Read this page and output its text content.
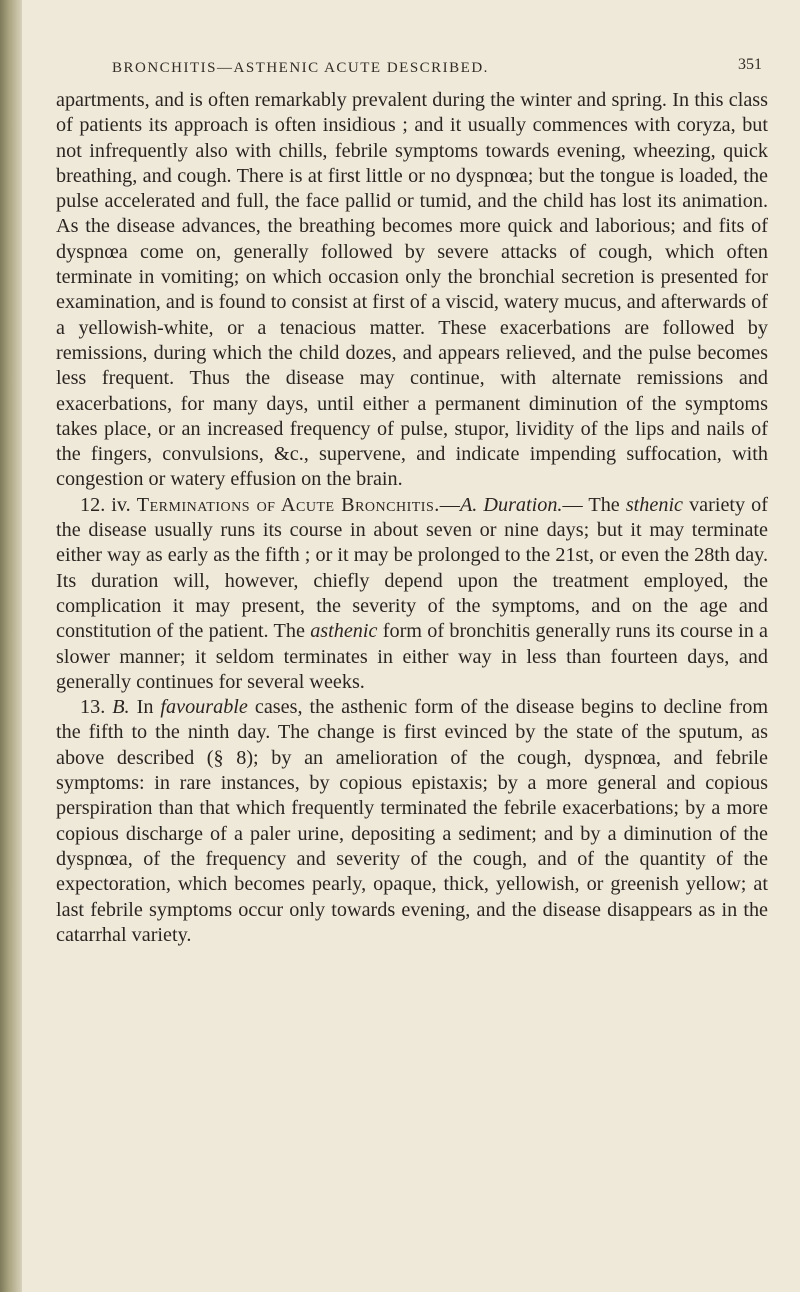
BRONCHITIS—ASTHENIC ACUTE DESCRIBED.	351

apartments, and is often remarkably prevalent during the winter and spring. In this class of patients its approach is often insidious ; and it usually commences with coryza, but not infrequently also with chills, febrile symptoms towards evening, wheezing, quick breathing, and cough. There is at first little or no dyspnœa; but the tongue is loaded, the pulse accelerated and full, the face pallid or tumid, and the child has lost its animation. As the disease advances, the breathing becomes more quick and laborious; and fits of dyspnœa come on, generally followed by severe attacks of cough, which often terminate in vomiting; on which occasion only the bronchial secretion is presented for examination, and is found to consist at first of a viscid, watery mucus, and afterwards of a yellowish-white, or a tenacious matter. These exacerbations are followed by remissions, during which the child dozes, and appears relieved, and the pulse becomes less frequent. Thus the disease may continue, with alternate remissions and exacerbations, for many days, until either a permanent diminution of the symptoms takes place, or an increased frequency of pulse, stupor, lividity of the lips and nails of the fingers, convulsions, &c., supervene, and indicate impending suffocation, with congestion or watery effusion on the brain.

12. iv. Terminations of Acute Bronchitis.—A. Duration.— The sthenic variety of the disease usually runs its course in about seven or nine days; but it may terminate either way as early as the fifth ; or it may be prolonged to the 21st, or even the 28th day. Its duration will, however, chiefly depend upon the treatment employed, the complication it may present, the severity of the symptoms, and on the age and constitution of the patient. The asthenic form of bronchitis generally runs its course in a slower manner; it seldom terminates in either way in less than fourteen days, and generally continues for several weeks.

13. B. In favourable cases, the asthenic form of the disease begins to decline from the fifth to the ninth day. The change is first evinced by the state of the sputum, as above described (§ 8); by an amelioration of the cough, dyspnœa, and febrile symptoms: in rare instances, by copious epistaxis; by a more general and copious perspiration than that which frequently terminated the febrile exacerbations; by a more copious discharge of a paler urine, depositing a sediment; and by a diminution of the dyspnœa, of the frequency and severity of the cough, and of the quantity of the expectoration, which becomes pearly, opaque, thick, yellowish, or greenish yellow; at last febrile symptoms occur only towards evening, and the disease disappears as in the catarrhal variety.
